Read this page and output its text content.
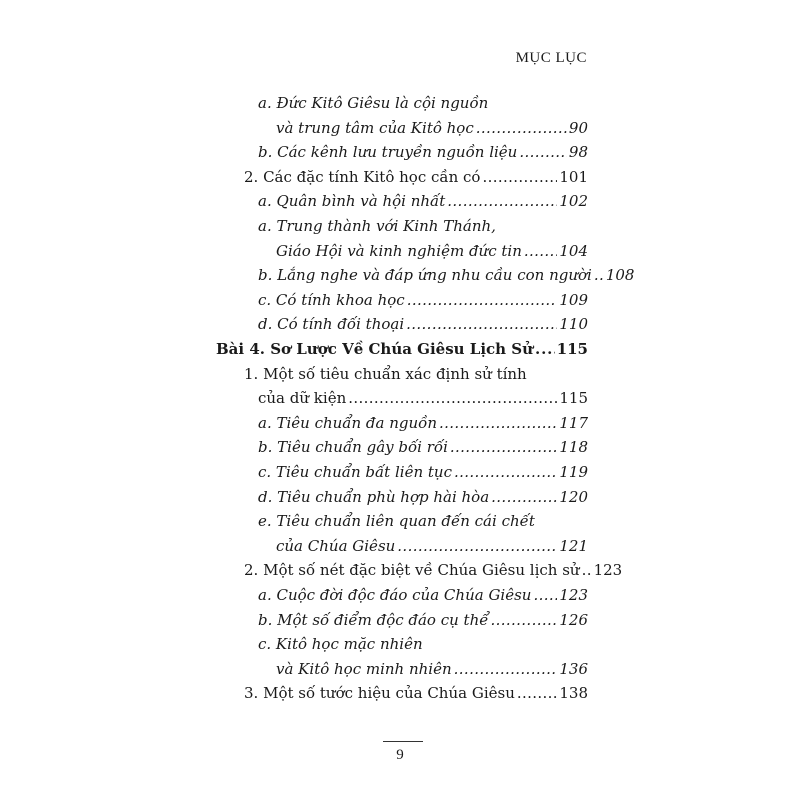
MỤC LỤC
a. Đức Kitô Giêsu là cội nguồn
và trung tâm của Kitô học . . .	90
b. Các kênh lưu truyền nguồn liệu . . .	98
2. Các đặc tính Kitô học cần có . . .	101
a. Quân bình và hội nhất . . .	102
a. Trung thành với Kinh Thánh,
Giáo Hội và kinh nghiệm đức tin . . . 104
b. Lắng nghe và đáp ứng nhu cầu con người . . . 108
c. Có tính khoa học . . .	109
d. Có tính đối thoại . . .	110
Bài 4. Sơ Lược Về Chúa Giêsu Lịch Sử . . . 115
1. Một số tiêu chuẩn xác định sử tính
của dữ kiện . . .	115
a. Tiêu chuẩn đa nguồn . . .	117
b. Tiêu chuẩn gây bối rối . . .	118
c. Tiêu chuẩn bất liên tục . . .	119
d. Tiêu chuẩn phù hợp hài hòa . . .	120
e. Tiêu chuẩn liên quan đến cái chết
của Chúa Giêsu . . .	121
2. Một số nét đặc biệt về Chúa Giêsu lịch sử . . . 123
a. Cuộc đời độc đáo của Chúa Giêsu . . . 123
b. Một số điểm độc đáo cụ thể . . .	126
c. Kitô học mặc nhiên
và Kitô học minh nhiên . . .	136
3. Một số tước hiệu của Chúa Giêsu . . .	138
9
